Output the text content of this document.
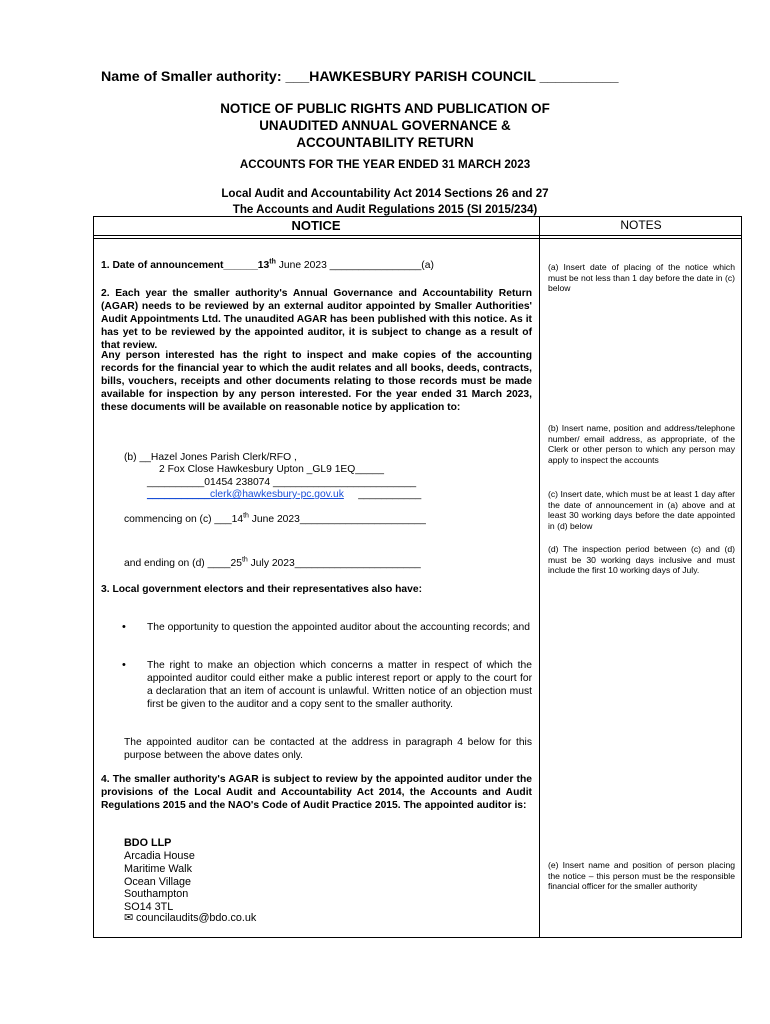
Name of Smaller authority: ___HAWKESBURY PARISH COUNCIL __________
NOTICE OF PUBLIC RIGHTS AND PUBLICATION OF
UNAUDITED ANNUAL GOVERNANCE &
ACCOUNTABILITY RETURN
ACCOUNTS FOR THE YEAR ENDED 31 MARCH 2023
Local Audit and Accountability Act 2014 Sections 26 and 27
The Accounts and Audit Regulations 2015 (SI 2015/234)
NOTICE	NOTES
1. Date of announcement______13th June 2023 ________________(a)
2. Each year the smaller authority's Annual Governance and Accountability Return (AGAR) needs to be reviewed by an external auditor appointed by Smaller Authorities' Audit Appointments Ltd. The unaudited AGAR has been published with this notice. As it has yet to be reviewed by the appointed auditor, it is subject to change as a result of that review.
Any person interested has the right to inspect and make copies of the accounting records for the financial year to which the audit relates and all books, deeds, contracts, bills, vouchers, receipts and other documents relating to those records must be made available for inspection by any person interested. For the year ended 31 March 2023, these documents will be available on reasonable notice by application to:
(b) __Hazel Jones Parish Clerk/RFO ,
2 Fox Close Hawkesbury Upton _GL9 1EQ_____
__________01454 238074 _________________________
___________clerk@hawkesbury-pc.gov.uk ___________
commencing on (c) ___14th June 2023______________________
and ending on (d) ____25th July 2023______________________
3. Local government electors and their representatives also have:
• The opportunity to question the appointed auditor about the accounting records; and
• The right to make an objection which concerns a matter in respect of which the appointed auditor could either make a public interest report or apply to the court for a declaration that an item of account is unlawful. Written notice of an objection must first be given to the auditor and a copy sent to the smaller authority.
The appointed auditor can be contacted at the address in paragraph 4 below for this purpose between the above dates only.
4. The smaller authority's AGAR is subject to review by the appointed auditor under the provisions of the Local Audit and Accountability Act 2014, the Accounts and Audit Regulations 2015 and the NAO's Code of Audit Practice 2015. The appointed auditor is:
BDO LLP
Arcadia House
Maritime Walk
Ocean Village
Southampton
SO14 3TL
✉ councilaudits@bdo.co.uk
(a) Insert date of placing of the notice which must be not less than 1 day before the date in (c) below
(b) Insert name, position and address/telephone number/ email address, as appropriate, of the Clerk or other person to which any person may apply to inspect the accounts
(c) Insert date, which must be at least 1 day after the date of announcement in (a) above and at least 30 working days before the date appointed in (d) below
(d) The inspection period between (c) and (d) must be 30 working days inclusive and must include the first 10 working days of July.
(e) Insert name and position of person placing the notice – this person must be the responsible financial officer for the smaller authority
